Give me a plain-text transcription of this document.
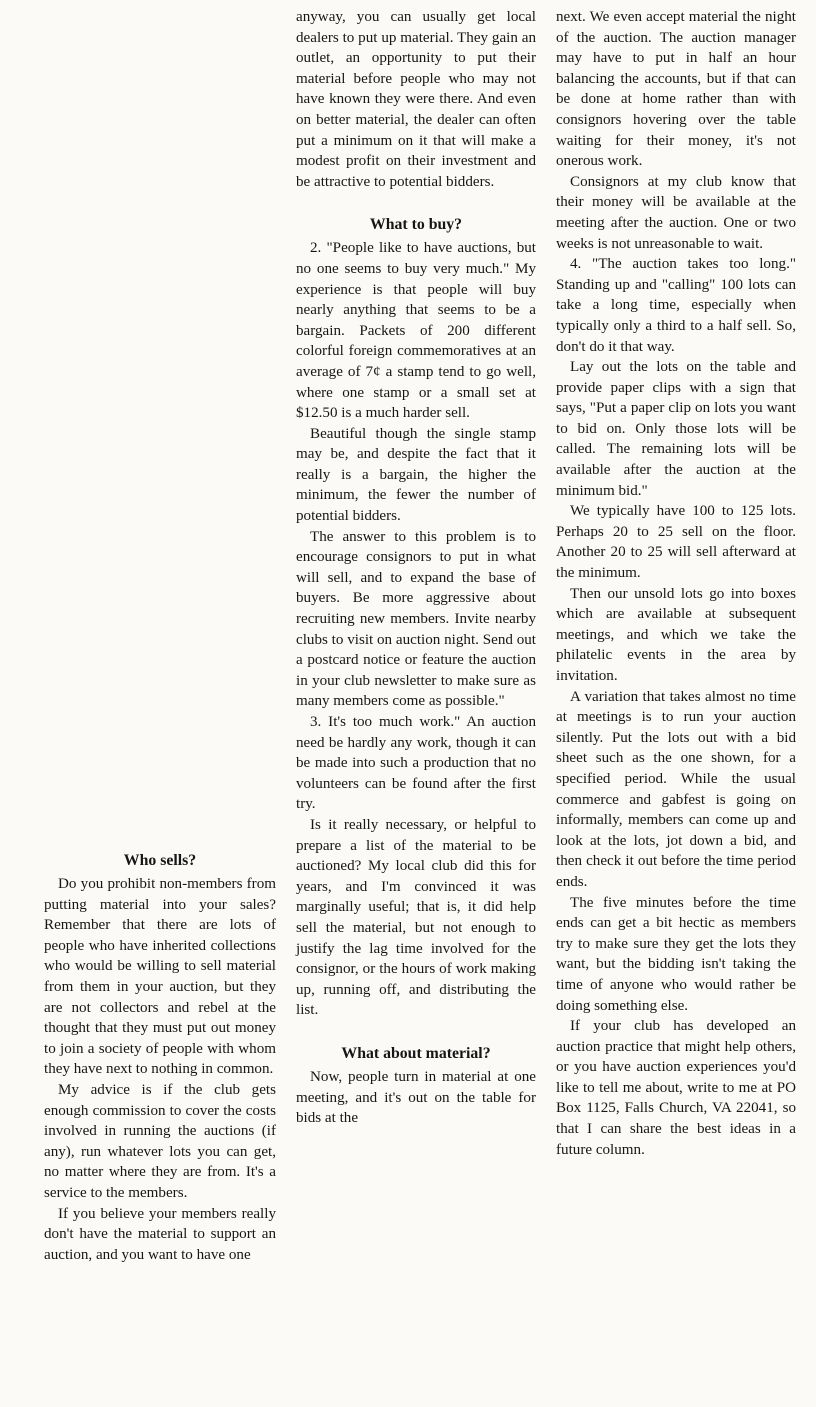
Who sells?

Do you prohibit non-members from putting material into your sales? Remember that there are lots of people who have inherited collections who would be willing to sell material from them in your auction, but they are not collectors and rebel at the thought that they must put out money to join a society of people with whom they have next to nothing in common.

My advice is if the club gets enough commission to cover the costs involved in running the auctions (if any), run whatever lots you can get, no matter where they are from. It's a service to the members.

If you believe your members really don't have the material to support an auction, and you want to have one

anyway, you can usually get local dealers to put up material. They gain an outlet, an opportunity to put their material before people who may not have known they were there. And even on better material, the dealer can often put a minimum on it that will make a modest profit on their investment and be attractive to potential bidders.

What to buy?

2. "People like to have auctions, but no one seems to buy very much." My experience is that people will buy nearly anything that seems to be a bargain. Packets of 200 different colorful foreign commemoratives at an average of 7¢ a stamp tend to go well, where one stamp or a small set at $12.50 is a much harder sell.

Beautiful though the single stamp may be, and despite the fact that it really is a bargain, the higher the minimum, the fewer the number of potential bidders.

The answer to this problem is to encourage consignors to put in what will sell, and to expand the base of buyers. Be more aggressive about recruiting new members. Invite nearby clubs to visit on auction night. Send out a postcard notice or feature the auction in your club newsletter to make sure as many members come as possible."

3. It's too much work." An auction need be hardly any work, though it can be made into such a production that no volunteers can be found after the first try.

Is it really necessary, or helpful to prepare a list of the material to be auctioned? My local club did this for years, and I'm convinced it was marginally useful; that is, it did help sell the material, but not enough to justify the lag time involved for the consignor, or the hours of work making up, running off, and distributing the list.

What about material?

Now, people turn in material at one meeting, and it's out on the table for bids at the

next. We even accept material the night of the auction. The auction manager may have to put in half an hour balancing the accounts, but if that can be done at home rather than with consignors hovering over the table waiting for their money, it's not onerous work.

Consignors at my club know that their money will be available at the meeting after the auction. One or two weeks is not unreasonable to wait.

4. "The auction takes too long." Standing up and "calling" 100 lots can take a long time, especially when typically only a third to a half sell. So, don't do it that way.

Lay out the lots on the table and provide paper clips with a sign that says, "Put a paper clip on lots you want to bid on. Only those lots will be called. The remaining lots will be available after the auction at the minimum bid."

We typically have 100 to 125 lots. Perhaps 20 to 25 sell on the floor. Another 20 to 25 will sell afterward at the minimum.

Then our unsold lots go into boxes which are available at subsequent meetings, and which we take the philatelic events in the area by invitation.

A variation that takes almost no time at meetings is to run your auction silently. Put the lots out with a bid sheet such as the one shown, for a specified period. While the usual commerce and gabfest is going on informally, members can come up and look at the lots, jot down a bid, and then check it out before the time period ends.

The five minutes before the time ends can get a bit hectic as members try to make sure they get the lots they want, but the bidding isn't taking the time of anyone who would rather be doing something else.

If your club has developed an auction practice that might help others, or you have auction experiences you'd like to tell me about, write to me at PO Box 1125, Falls Church, VA 22041, so that I can share the best ideas in a future column.
